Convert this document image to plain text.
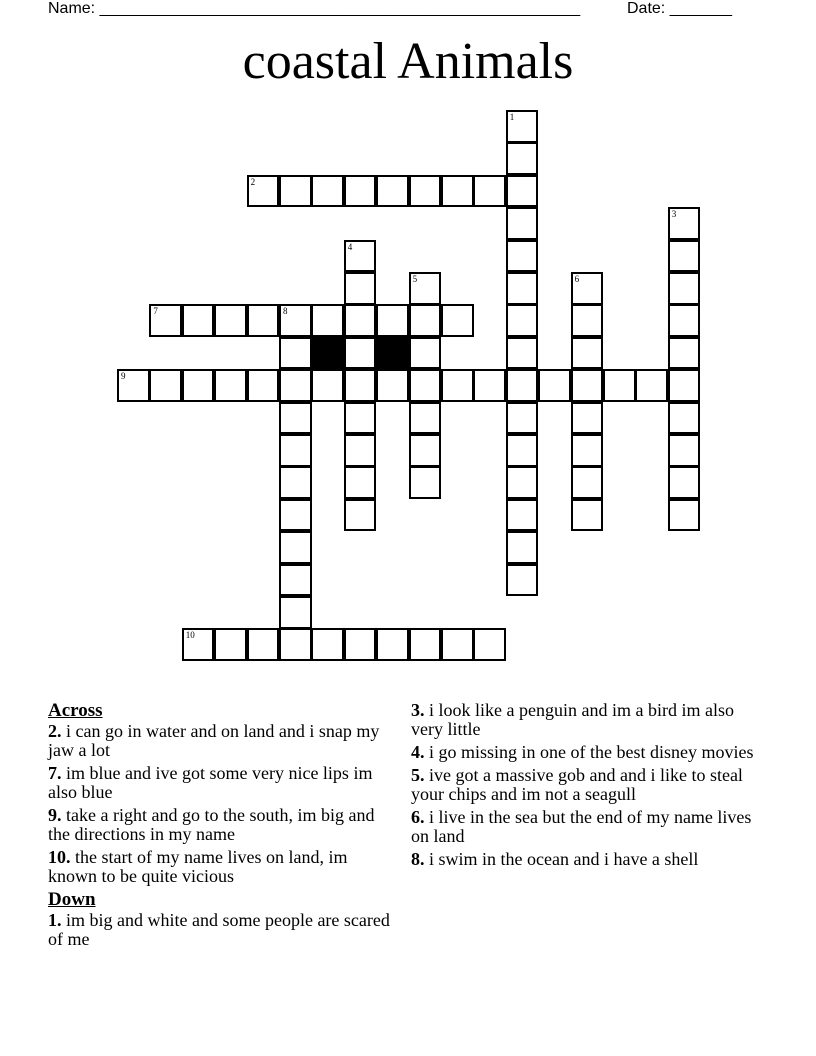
Name: ______________________________________________________	Date: _______
coastal Animals
1
2
3
4
5	6
7	8
9
10
Across
2. i can go in water and on land and i snap my jaw a lot
7. im blue and ive got some very nice lips im also blue
9. take a right and go to the south, im big and the directions in my name
10. the start of my name lives on land, im known to be quite vicious
Down
1. im big and white and some people are scared of me
3. i look like a penguin and im a bird im also very little
4. i go missing in one of the best disney movies
5. ive got a massive gob and and i like to steal your chips and im not a seagull
6. i live in the sea but the end of my name lives on land
8. i swim in the ocean and i have a shell
